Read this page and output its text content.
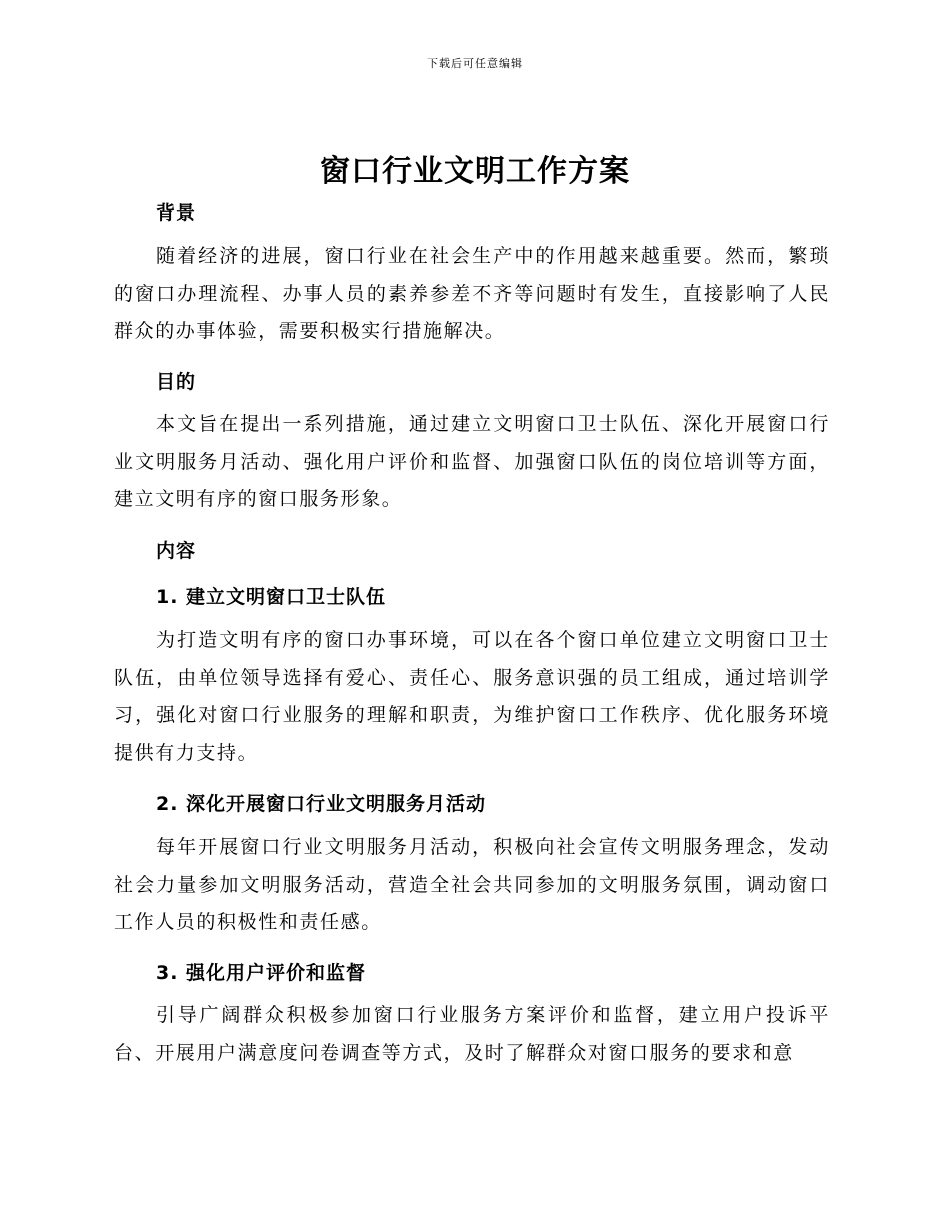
下载后可任意编辑
窗口行业文明工作方案
背景
随着经济的进展，窗口行业在社会生产中的作用越来越重要。然而，繁琐的窗口办理流程、办事人员的素养参差不齐等问题时有发生，直接影响了人民群众的办事体验，需要积极实行措施解决。
目的
本文旨在提出一系列措施，通过建立文明窗口卫士队伍、深化开展窗口行业文明服务月活动、强化用户评价和监督、加强窗口队伍的岗位培训等方面，建立文明有序的窗口服务形象。
内容
1. 建立文明窗口卫士队伍
为打造文明有序的窗口办事环境，可以在各个窗口单位建立文明窗口卫士队伍，由单位领导选择有爱心、责任心、服务意识强的员工组成，通过培训学习，强化对窗口行业服务的理解和职责，为维护窗口工作秩序、优化服务环境提供有力支持。
2. 深化开展窗口行业文明服务月活动
每年开展窗口行业文明服务月活动，积极向社会宣传文明服务理念，发动社会力量参加文明服务活动，营造全社会共同参加的文明服务氛围，调动窗口工作人员的积极性和责任感。
3. 强化用户评价和监督
引导广阔群众积极参加窗口行业服务方案评价和监督，建立用户投诉平台、开展用户满意度问卷调查等方式，及时了解群众对窗口服务的要求和意
